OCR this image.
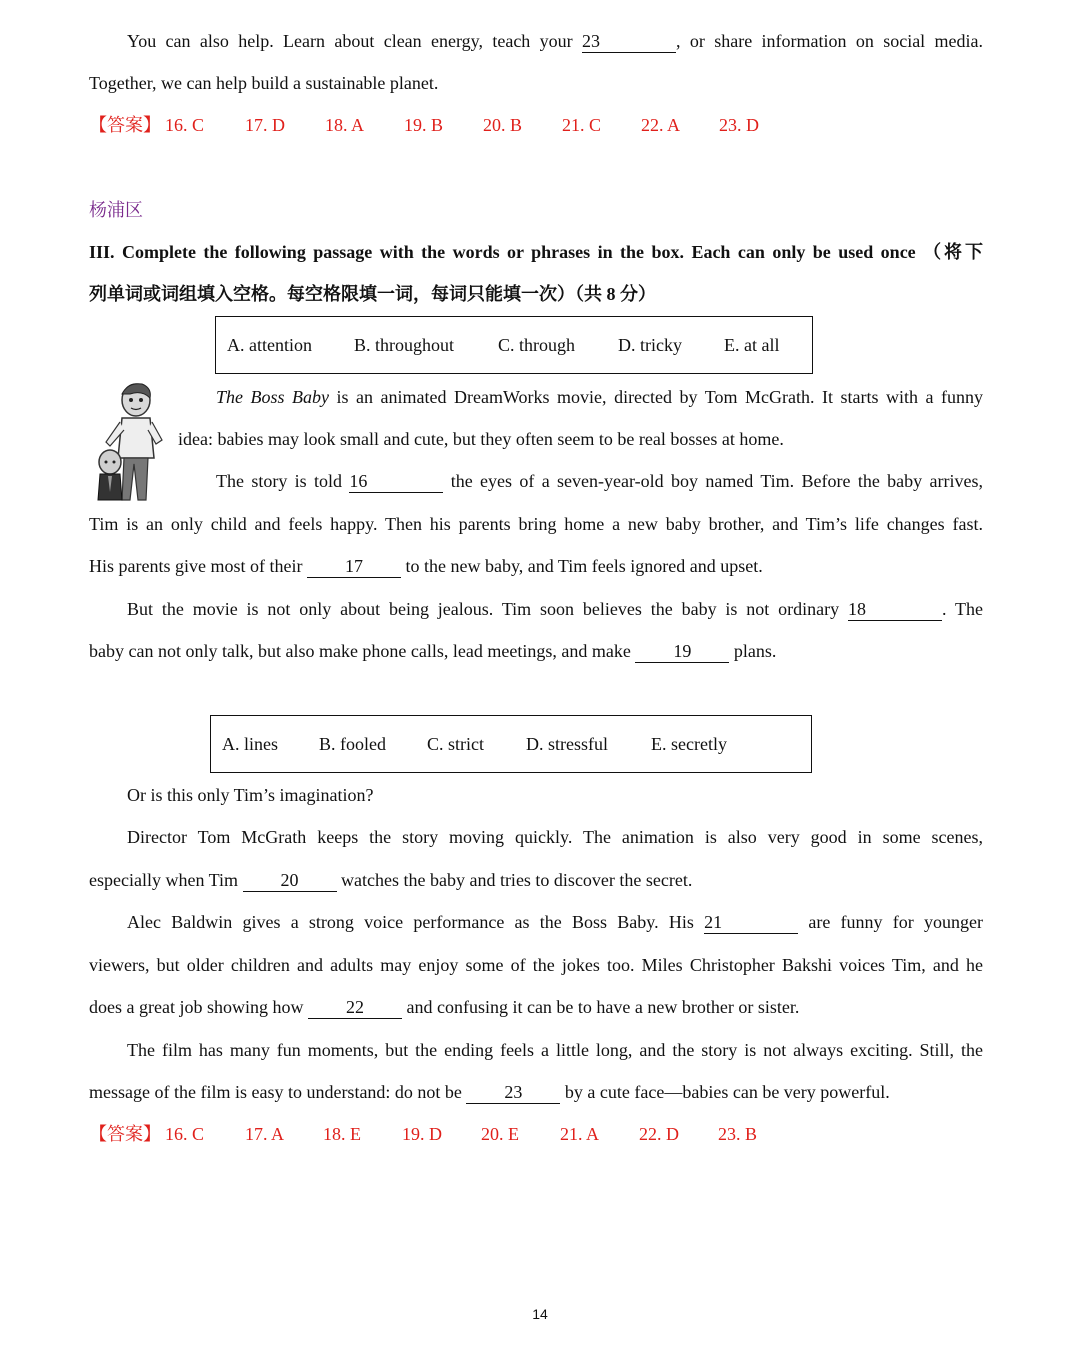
You can also help. Learn about clean energy, teach your 23	, or share information on social media.
Together, we can help build a sustainable planet.
【答案】 16. C 17. D 18. A 19. B 20. B 21. C 22. A 23. D
杨浦区
III. Complete the following passage with the words or phrases in the box. Each can only be used once （将下
列单词或词组填入空格。每空格限填一词，每词只能填一次）（共 8 分）
A. attention B. throughout C. through D. tricky E. at all
The Boss Baby is an animated DreamWorks movie, directed by Tom McGrath. It starts with a funny
idea: babies may look small and cute, but they often seem to be real bosses at home.
The story is told 16	the eyes of a seven-year-old boy named Tim. Before the baby arrives,
Tim is an only child and feels happy. Then his parents bring home a new baby brother, and Tim’s life changes fast.
His parents give most of their 17 to the new baby, and Tim feels ignored and upset.
But the movie is not only about being jealous. Tim soon believes the baby is not ordinary 18	. The
baby can not only talk, but also make phone calls, lead meetings, and make 19 plans.
A. lines B. fooled C. strict D. stressful E. secretly
Or is this only Tim’s imagination?
Director Tom McGrath keeps the story moving quickly. The animation is also very good in some scenes,
especially when Tim 20 watches the baby and tries to discover the secret.
Alec Baldwin gives a strong voice performance as the Boss Baby. His 21	are funny for younger
viewers, but older children and adults may enjoy some of the jokes too. Miles Christopher Bakshi voices Tim, and he
does a great job showing how 22 and confusing it can be to have a new brother or sister.
The film has many fun moments, but the ending feels a little long, and the story is not always exciting. Still, the
message of the film is easy to understand: do not be 23 by a cute face—babies can be very powerful.
【答案】 16. C 17. A 18. E 19. D 20. E 21. A 22. D 23. B
14
